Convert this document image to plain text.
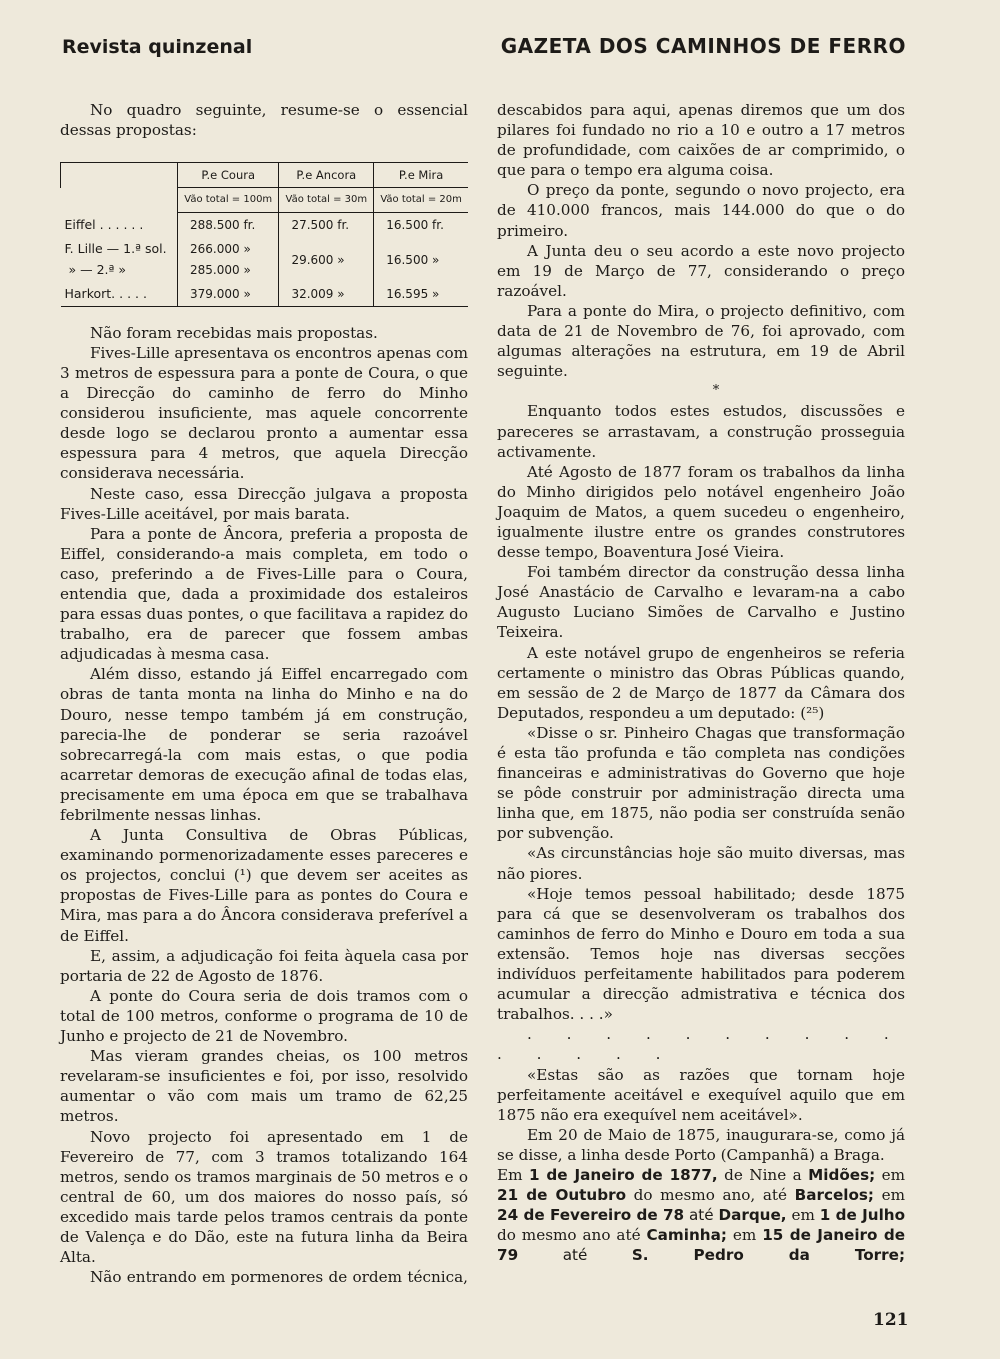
Revista quinzenal	GAZETA DOS CAMINHOS DE FERRO

No quadro seguinte, resume-se o essencial dessas propostas:

	P.e Coura	P.e Ancora	P.e Mira
	Vão total = 100m	Vão total = 30m	Vão total = 20m
Eiffel . . . . . .	288.500 fr.	27.500 fr.	16.500 fr.
F. Lille — 1.ª sol.	266.000 »	29.600 »	16.500 »
» — 2.ª »	285.000 »		
Harkort. . . . .	379.000 »	32.009 »	16.595 »

Não foram recebidas mais propostas.

Fives-Lille apresentava os encontros apenas com 3 metros de espessura para a ponte de Coura, o que a Direcção do caminho de ferro do Minho considerou insuficiente, mas aquele concorrente desde logo se declarou pronto a aumentar essa espessura para 4 metros, que aquela Direcção considerava necessária.

Neste caso, essa Direcção julgava a proposta Fives-Lille aceitável, por mais barata.

Para a ponte de Âncora, preferia a proposta de Eiffel, considerando-a mais completa, em todo o caso, preferindo a de Fives-Lille para o Coura, entendia que, dada a proximidade dos estaleiros para essas duas pontes, o que facilitava a rapidez do trabalho, era de parecer que fossem ambas adjudicadas à mesma casa.

Além disso, estando já Eiffel encarregado com obras de tanta monta na linha do Minho e na do Douro, nesse tempo também já em construção, parecia-lhe de ponderar se seria razoável sobrecarregá-la com mais estas, o que podia acarretar demoras de execução afinal de todas elas, precisamente em uma época em que se trabalhava febrilmente nessas linhas.

A Junta Consultiva de Obras Públicas, examinando pormenorizadamente esses pareceres e os projectos, conclui (¹) que devem ser aceites as propostas de Fives-Lille para as pontes do Coura e Mira, mas para a do Âncora considerava preferível a de Eiffel.

E, assim, a adjudicação foi feita àquela casa por portaria de 22 de Agosto de 1876.

A ponte do Coura seria de dois tramos com o total de 100 metros, conforme o programa de 10 de Junho e projecto de 21 de Novembro.

Mas vieram grandes cheias, os 100 metros revelaram-se insuficientes e foi, por isso, resolvido aumentar o vão com mais um tramo de 62,25 metros.

Novo projecto foi apresentado em 1 de Fevereiro de 77, com 3 tramos totalizando 164 metros, sendo os tramos marginais de 50 metros e o central de 60, um dos maiores do nosso país, só excedido mais tarde pelos tramos centrais da ponte de Valença e do Dão, este na futura linha da Beira Alta.

Não entrando em pormenores de ordem técnica,

descabidos para aqui, apenas diremos que um dos pilares foi fundado no rio a 10 e outro a 17 metros de profundidade, com caixões de ar comprimido, o que para o tempo era alguma coisa.

O preço da ponte, segundo o novo projecto, era de 410.000 francos, mais 144.000 do que o do primeiro.

A Junta deu o seu acordo a este novo projecto em 19 de Março de 77, considerando o preço razoável.

Para a ponte do Mira, o projecto definitivo, com data de 21 de Novembro de 76, foi aprovado, com algumas alterações na estrutura, em 19 de Abril seguinte.

*

Enquanto todos estes estudos, discussões e pareceres se arrastavam, a construção prosseguia activamente.

Até Agosto de 1877 foram os trabalhos da linha do Minho dirigidos pelo notável engenheiro João Joaquim de Matos, a quem sucedeu o engenheiro, igualmente ilustre entre os grandes construtores desse tempo, Boaventura José Vieira.

Foi também director da construção dessa linha José Anastácio de Carvalho e levaram-na a cabo Augusto Luciano Simões de Carvalho e Justino Teixeira.

A este notável grupo de engenheiros se referia certamente o ministro das Obras Públicas quando, em sessão de 2 de Março de 1877 da Câmara dos Deputados, respondeu a um deputado: (²⁵)

«Disse o sr. Pinheiro Chagas que transformação é esta tão profunda e tão completa nas condições financeiras e administrativas do Governo que hoje se pôde construir por administração directa uma linha que, em 1875, não podia ser construída senão por subvenção.

«As circunstâncias hoje são muito diversas, mas não piores.

«Hoje temos pessoal habilitado; desde 1875 para cá que se desenvolveram os trabalhos dos caminhos de ferro do Minho e Douro em toda a sua extensão. Temos hoje nas diversas secções indivíduos perfeitamente habilitados para poderem acumular a direcção admistrativa e técnica dos trabalhos. . . .»

. . . . . . . . . . . . . . .

«Estas são as razões que tornam hoje perfeitamente aceitável e exequível aquilo que em 1875 não era exequível nem aceitável».

Em 20 de Maio de 1875, inaugurara-se, como já se disse, a linha desde Porto (Campanhã) a Braga.

Em 1 de Janeiro de 1877, de Nine a Midões; em 21 de Outubro do mesmo ano, até Barcelos; em 24 de Fevereiro de 78 até Darque, em 1 de Julho do mesmo ano até Caminha; em 15 de Janeiro de 79	até	S. Pedro da Torre;

121
